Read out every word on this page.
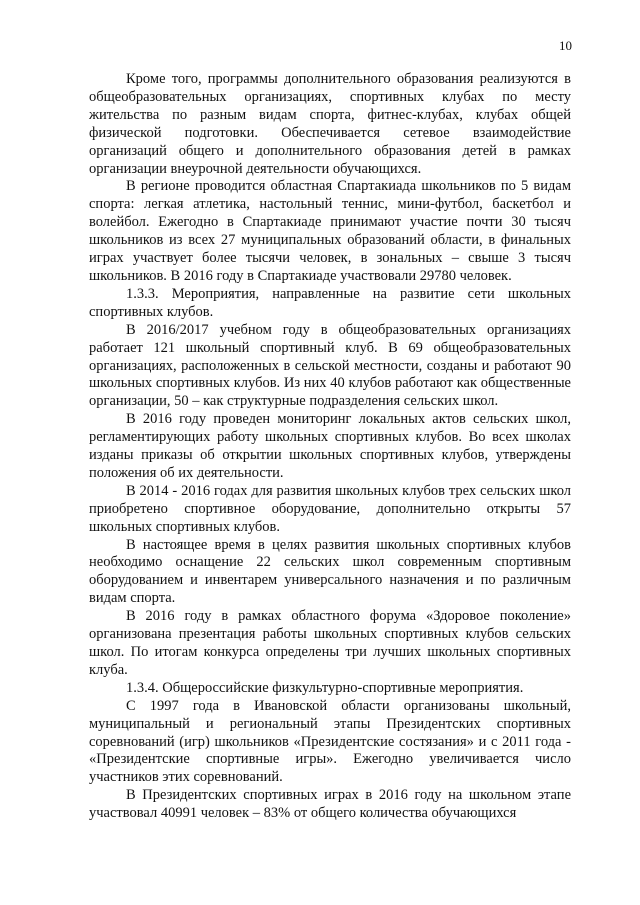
10

Кроме того, программы дополнительного образования реализуются в общеобразовательных организациях, спортивных клубах по месту жительства по разным видам спорта, фитнес-клубах, клубах общей физической подготовки. Обеспечивается сетевое взаимодействие организаций общего и дополнительного образования детей в рамках организации внеурочной деятельности обучающихся.

В регионе проводится областная Спартакиада школьников по 5 видам спорта: легкая атлетика, настольный теннис, мини-футбол, баскетбол и волейбол. Ежегодно в Спартакиаде принимают участие почти 30 тысяч школьников из всех 27 муниципальных образований области, в финальных играх участвует более тысячи человек, в зональных – свыше 3 тысяч школьников. В 2016 году в Спартакиаде участвовали 29780 человек.

1.3.3. Мероприятия, направленные на развитие сети школьных спортивных клубов.

В 2016/2017 учебном году в общеобразовательных организациях работает 121 школьный спортивный клуб. В 69 общеобразовательных организациях, расположенных в сельской местности, созданы и работают 90 школьных спортивных клубов. Из них 40 клубов работают как общественные организации, 50 – как структурные подразделения сельских школ.

В 2016 году проведен мониторинг локальных актов сельских школ, регламентирующих работу школьных спортивных клубов. Во всех школах изданы приказы об открытии школьных спортивных клубов, утверждены положения об их деятельности.

В 2014 - 2016 годах для развития школьных клубов трех сельских школ приобретено спортивное оборудование, дополнительно открыты 57 школьных спортивных клубов.

В настоящее время в целях развития школьных спортивных клубов необходимо оснащение 22 сельских школ современным спортивным оборудованием и инвентарем универсального назначения и по различным видам спорта.

В 2016 году в рамках областного форума «Здоровое поколение» организована презентация работы школьных спортивных клубов сельских школ. По итогам конкурса определены три лучших школьных спортивных клуба.

1.3.4. Общероссийские физкультурно-спортивные мероприятия.

С 1997 года в Ивановской области организованы школьный, муниципальный и региональный этапы Президентских спортивных соревнований (игр) школьников «Президентские состязания» и с 2011 года - «Президентские спортивные игры». Ежегодно увеличивается число участников этих соревнований.

В Президентских спортивных играх в 2016 году на школьном этапе участвовал 40991 человек – 83% от общего количества обучающихся
